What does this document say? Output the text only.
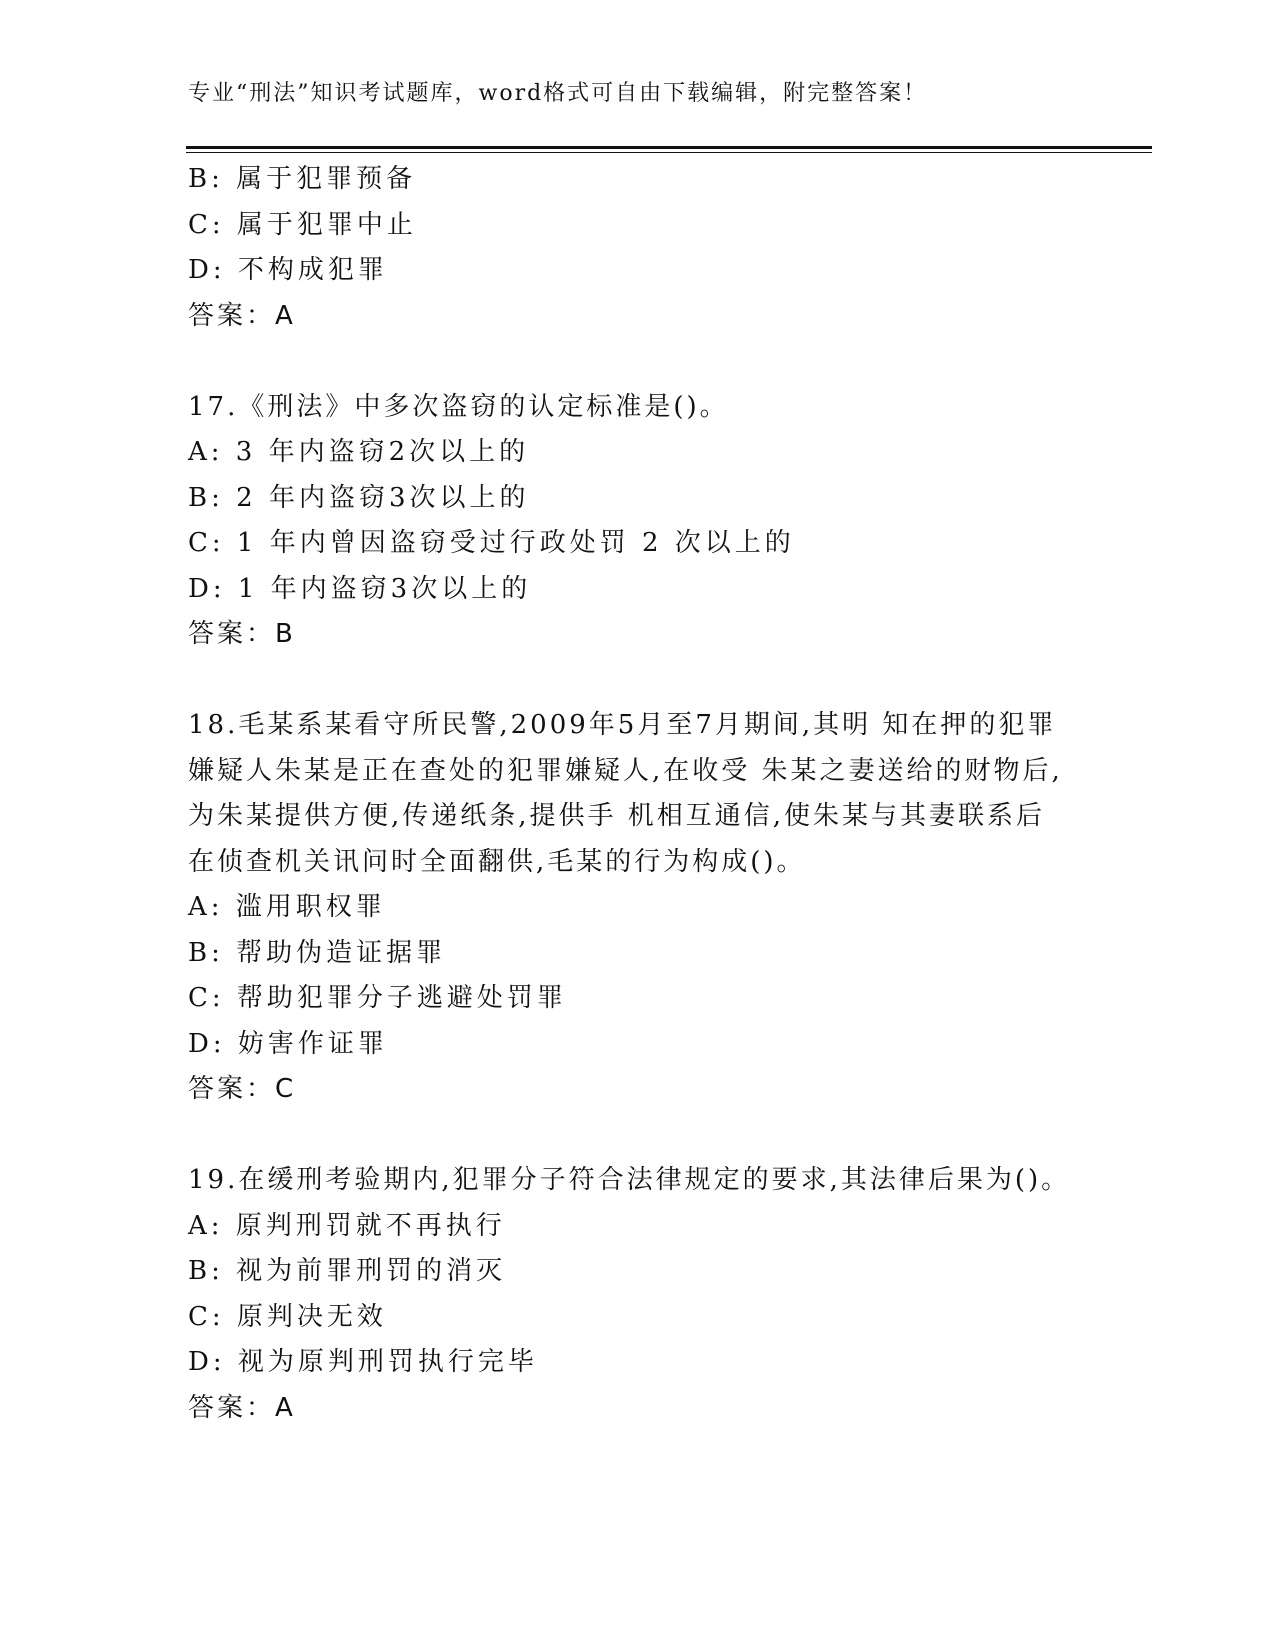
专业“刑法”知识考试题库，word格式可自由下载编辑，附完整答案！
B: 属于犯罪预备
C: 属于犯罪中止
D: 不构成犯罪
答案：A
17.《刑法》中多次盗窃的认定标准是()。
A: 3 年内盗窃2次以上的
B: 2 年内盗窃3次以上的
C: 1 年内曾因盗窃受过行政处罚 2 次以上的
D: 1 年内盗窃3次以上的
答案：B
18.毛某系某看守所民警,2009年5月至7月期间,其明 知在押的犯罪
嫌疑人朱某是正在查处的犯罪嫌疑人,在收受 朱某之妻送给的财物后,
为朱某提供方便,传递纸条,提供手 机相互通信,使朱某与其妻联系后
在侦查机关讯问时全面翻供,毛某的行为构成()。
A: 滥用职权罪
B: 帮助伪造证据罪
C: 帮助犯罪分子逃避处罚罪
D: 妨害作证罪
答案：C
19.在缓刑考验期内,犯罪分子符合法律规定的要求,其法律后果为()。
A: 原判刑罚就不再执行
B: 视为前罪刑罚的消灭
C: 原判决无效
D: 视为原判刑罚执行完毕
答案：A
